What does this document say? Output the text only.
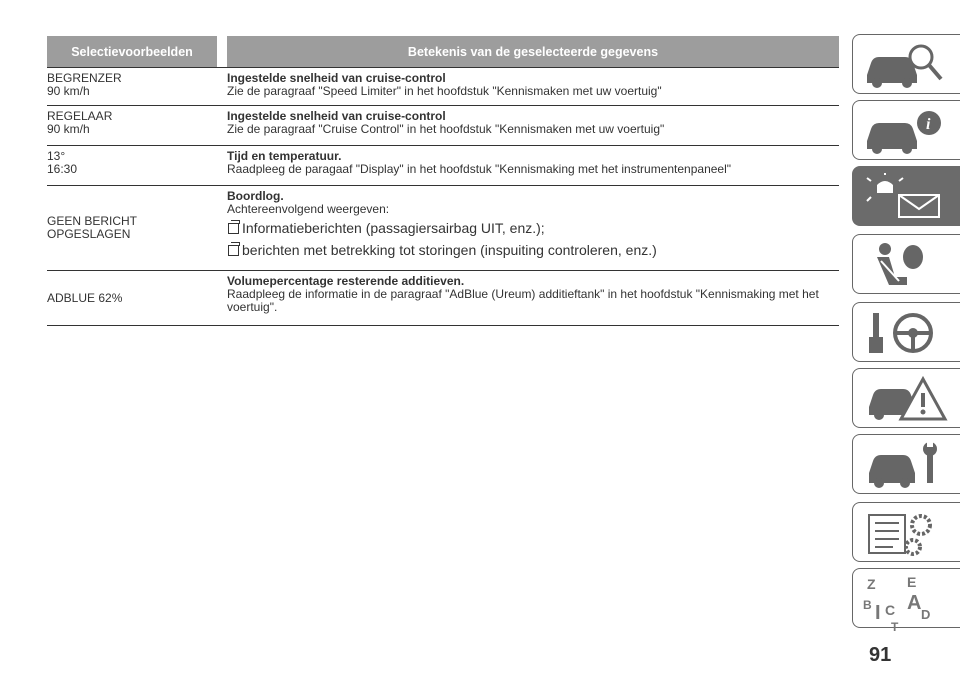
Selectievoorbeelden	Betekenis van de geselecteerde gegevens
BEGRENZER
90 km/h
Ingestelde snelheid van cruise-control
Zie de paragraaf "Speed Limiter" in het hoofdstuk "Kennismaken met uw voertuig"
REGELAAR
90 km/h
Ingestelde snelheid van cruise-control
Zie de paragraaf "Cruise Control" in het hoofdstuk "Kennismaken met uw voertuig"
13°
16:30
Tijd en temperatuur.
Raadpleeg de paragaaf "Display" in het hoofdstuk "Kennismaking met het instrumentenpaneel"
GEEN BERICHT
OPGESLAGEN
Boordlog.
Achtereenvolgend weergeven:
Informatieberichten (passagiersairbag UIT, enz.);
berichten met betrekking tot storingen (inspuiting controleren, enz.)
ADBLUE 62%
Volumepercentage resterende additieven.
Raadpleeg de informatie in de paragraaf "AdBlue (Ureum) additieftank" in het hoofdstuk "Kennismaking met het voertuig".
i
Z E
B A
I C D
T
91
